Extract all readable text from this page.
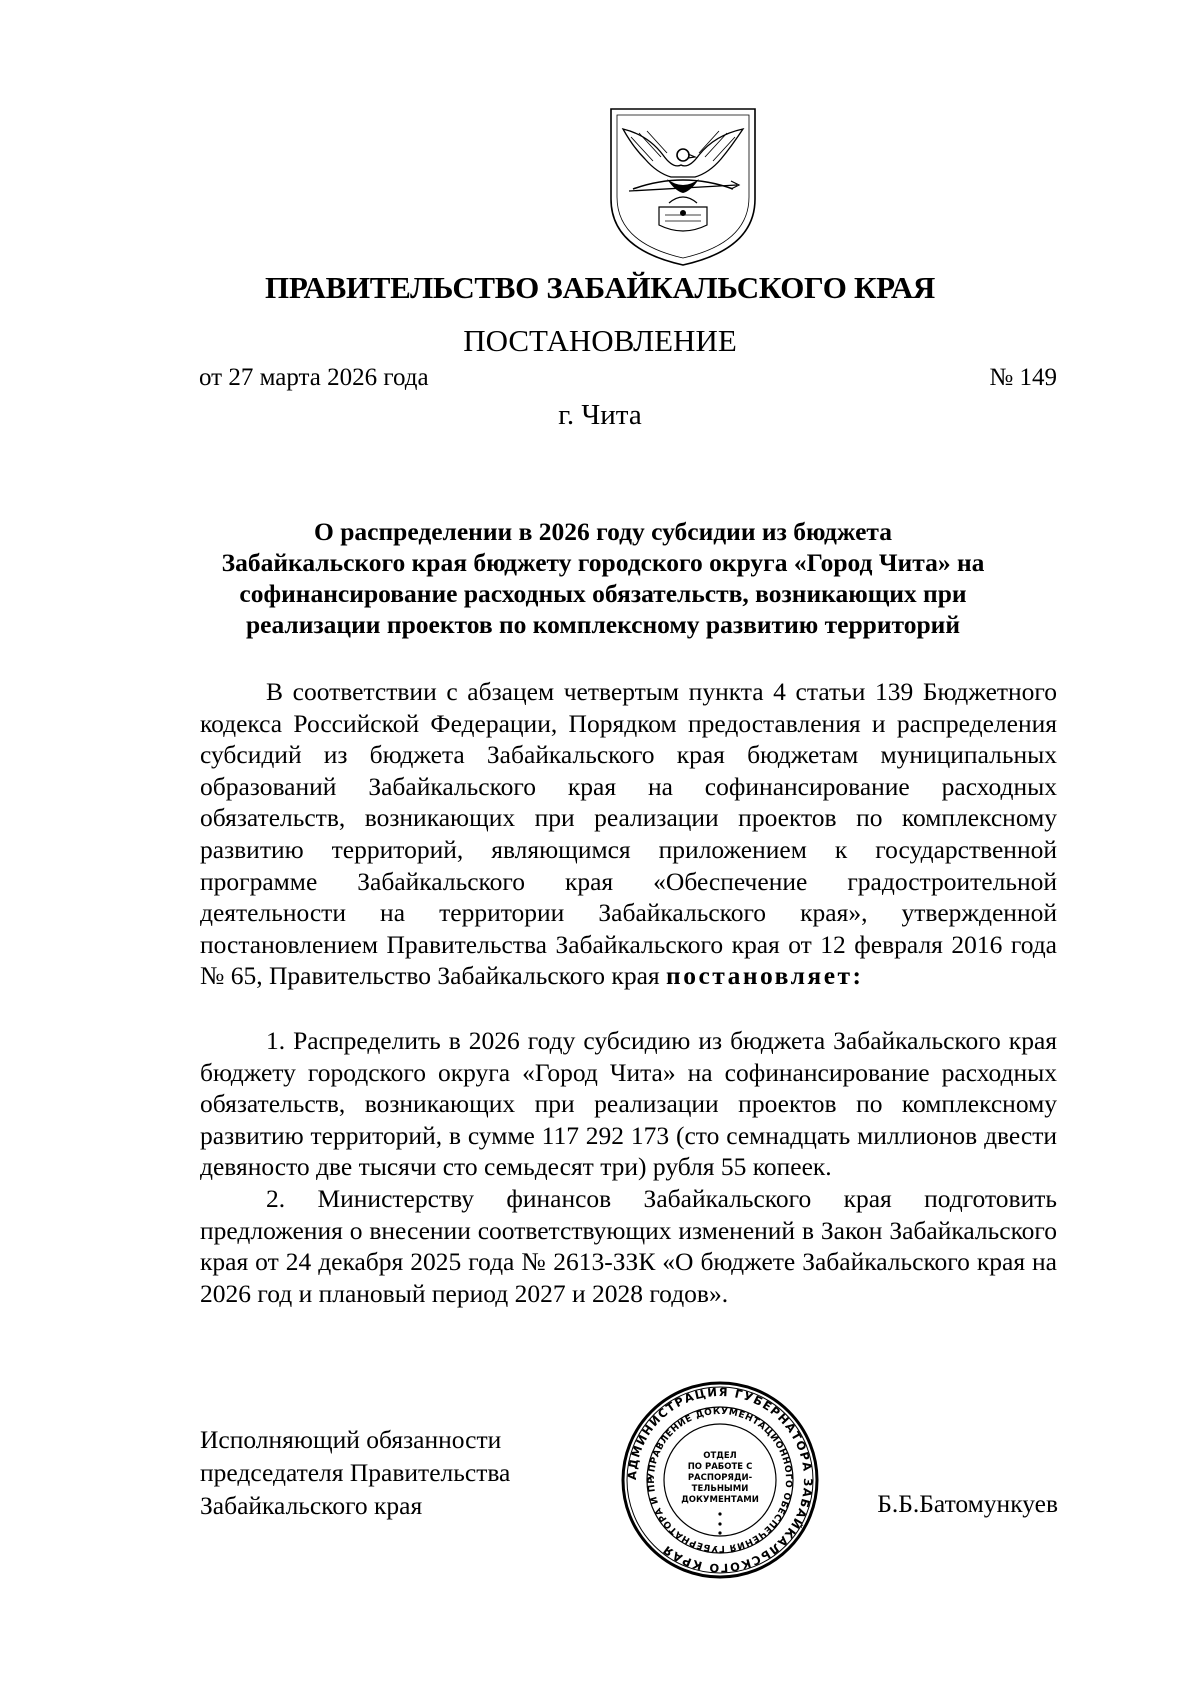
ПРАВИТЕЛЬСТВО ЗАБАЙКАЛЬСКОГО КРАЯ
ПОСТАНОВЛЕНИЕ
от 27 марта 2026 года	№ 149
г. Чита
О распределении в 2026 году субсидии из бюджета
Забайкальского края бюджету городского округа «Город Чита» на
софинансирование расходных обязательств, возникающих при
реализации проектов по комплексному развитию территорий

В соответствии с абзацем четвертым пункта 4 статьи 139 Бюджетного кодекса Российской Федерации, Порядком предоставления и распределения субсидий из бюджета Забайкальского края бюджетам муниципальных образований Забайкальского края на софинансирование расходных обязательств, возникающих при реализации проектов по комплексному развитию территорий, являющимся приложением к государственной программе Забайкальского края «Обеспечение градостроительной деятельности на территории Забайкальского края», утвержденной постановлением Правительства Забайкальского края от 12 февраля 2016 года № 65, Правительство Забайкальского края постановляет:

1. Распределить в 2026 году субсидию из бюджета Забайкальского края бюджету городского округа «Город Чита» на софинансирование расходных обязательств, возникающих при реализации проектов по комплексному развитию территорий, в сумме 117 292 173 (сто семнадцать миллионов двести девяносто две тысячи сто семьдесят три) рубля 55 копеек.

2. Министерству финансов Забайкальского края подготовить предложения о внесении соответствующих изменений в Закон Забайкальского края от 24 декабря 2025 года № 2613-ЗЗК «О бюджете Забайкальского края на 2026 год и плановый период 2027 и 2028 годов».

Исполняющий обязанности
председателя Правительства
Забайкальского края
АДМИНИСТРАЦИЯ ГУБЕРНАТОРА ЗАБАЙКАЛЬСКОГО КРАЯ
УПРАВЛЕНИЕ ДОКУМЕНТАЦИОННОГО ОБЕСПЕЧЕНИЯ ГУБЕРНАТОРА И ПР
ОТДЕЛ
ПО РАБОТЕ С
РАСПОРЯДИ-
ТЕЛЬНЫМИ
ДОКУМЕНТАМИ	Б.Б.Батомункуев
